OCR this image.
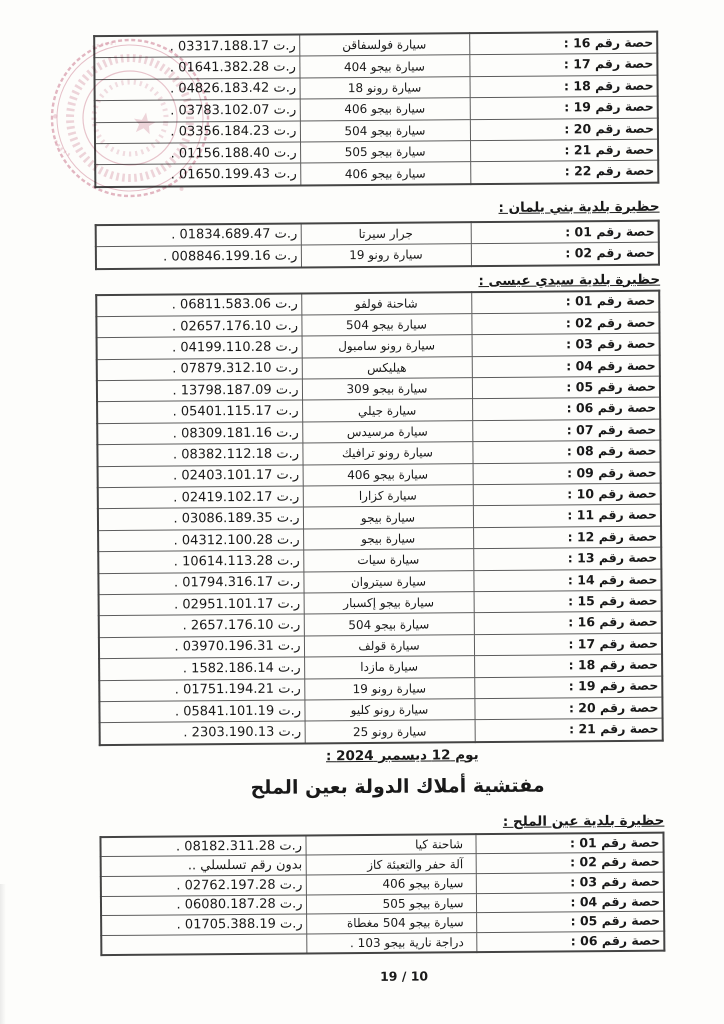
حصة رقم 16 :	سيارة فولسفاقن	ر.ت 03317.188.17 .
حصة رقم 17 :	سيارة بيجو 404	ر.ت 01641.382.28 .
حصة رقم 18 :	سيارة رونو 18	ر.ت 04826.183.42 .
حصة رقم 19 :	سيارة بيجو 406	ر.ت 03783.102.07 .
حصة رقم 20 :	سيارة بيجو 504	ر.ت 03356.184.23 .
حصة رقم 21 :	سيارة بيجو 505	ر.ت 01156.188.40 .
حصة رقم 22 :	سيارة بيجو 406	ر.ت 01650.199.43 .
حظيرة بلدية بني يلمان :
حصة رقم 01 :	جرار سيرتا	ر.ت 01834.689.47 .
حصة رقم 02 :	سيارة رونو 19	ر.ت 008846.199.16 .
حظيرة بلدية سيدي عيسى :
حصة رقم 01 :	شاحنة فولفو	ر.ت 06811.583.06 .
حصة رقم 02 :	سيارة بيجو 504	ر.ت 02657.176.10 .
حصة رقم 03 :	سيارة رونو سامبول	ر.ت 04199.110.28 .
حصة رقم 04 :	هيليكس	ر.ت 07879.312.10 .
حصة رقم 05 :	سيارة بيجو 309	ر.ت 13798.187.09 .
حصة رقم 06 :	سيارة جيلي	ر.ت 05401.115.17 .
حصة رقم 07 :	سيارة مرسيدس	ر.ت 08309.181.16 .
حصة رقم 08 :	سيارة رونو ترافيك	ر.ت 08382.112.18 .
حصة رقم 09 :	سيارة بيجو 406	ر.ت 02403.101.17 .
حصة رقم 10 :	سيارة كزارا	ر.ت 02419.102.17 .
حصة رقم 11 :	سيارة بيجو	ر.ت 03086.189.35 .
حصة رقم 12 :	سيارة بيجو	ر.ت 04312.100.28 .
حصة رقم 13 :	سيارة سيات	ر.ت 10614.113.28 .
حصة رقم 14 :	سيارة سيتروان	ر.ت 01794.316.17 .
حصة رقم 15 :	سيارة بيجو إكسبار	ر.ت 02951.101.17 .
حصة رقم 16 :	سيارة بيجو 504	ر.ت 2657.176.10 .
حصة رقم 17 :	سيارة قولف	ر.ت 03970.196.31 .
حصة رقم 18 :	سيارة مازدا	ر.ت 1582.186.14 .
حصة رقم 19 :	سيارة رونو 19	ر.ت 01751.194.21 .
حصة رقم 20 :	سيارة رونو كليو	ر.ت 05841.101.19 .
حصة رقم 21 :	سيارة رونو 25	ر.ت 2303.190.13 .
يوم 12 ديسمبر 2024 :
مفتشية أملاك الدولة بعين الملح
حظيرة بلدية عين الملح :
حصة رقم 01 :	شاحنة كيا	ر.ت 08182.311.28 .
حصة رقم 02 :	آلة حفر والتعبئة كاز	بدون رقم تسلسلي ..
حصة رقم 03 :	سيارة بيجو 406	ر.ت 02762.197.28 .
حصة رقم 04 :	سيارة بيجو 505	ر.ت 06080.187.28 .
حصة رقم 05 :	سيارة بيجو 504 مغطاة	ر.ت 01705.388.19 .
حصة رقم 06 :	دراجة نارية بيجو 103 .	
19 / 10
